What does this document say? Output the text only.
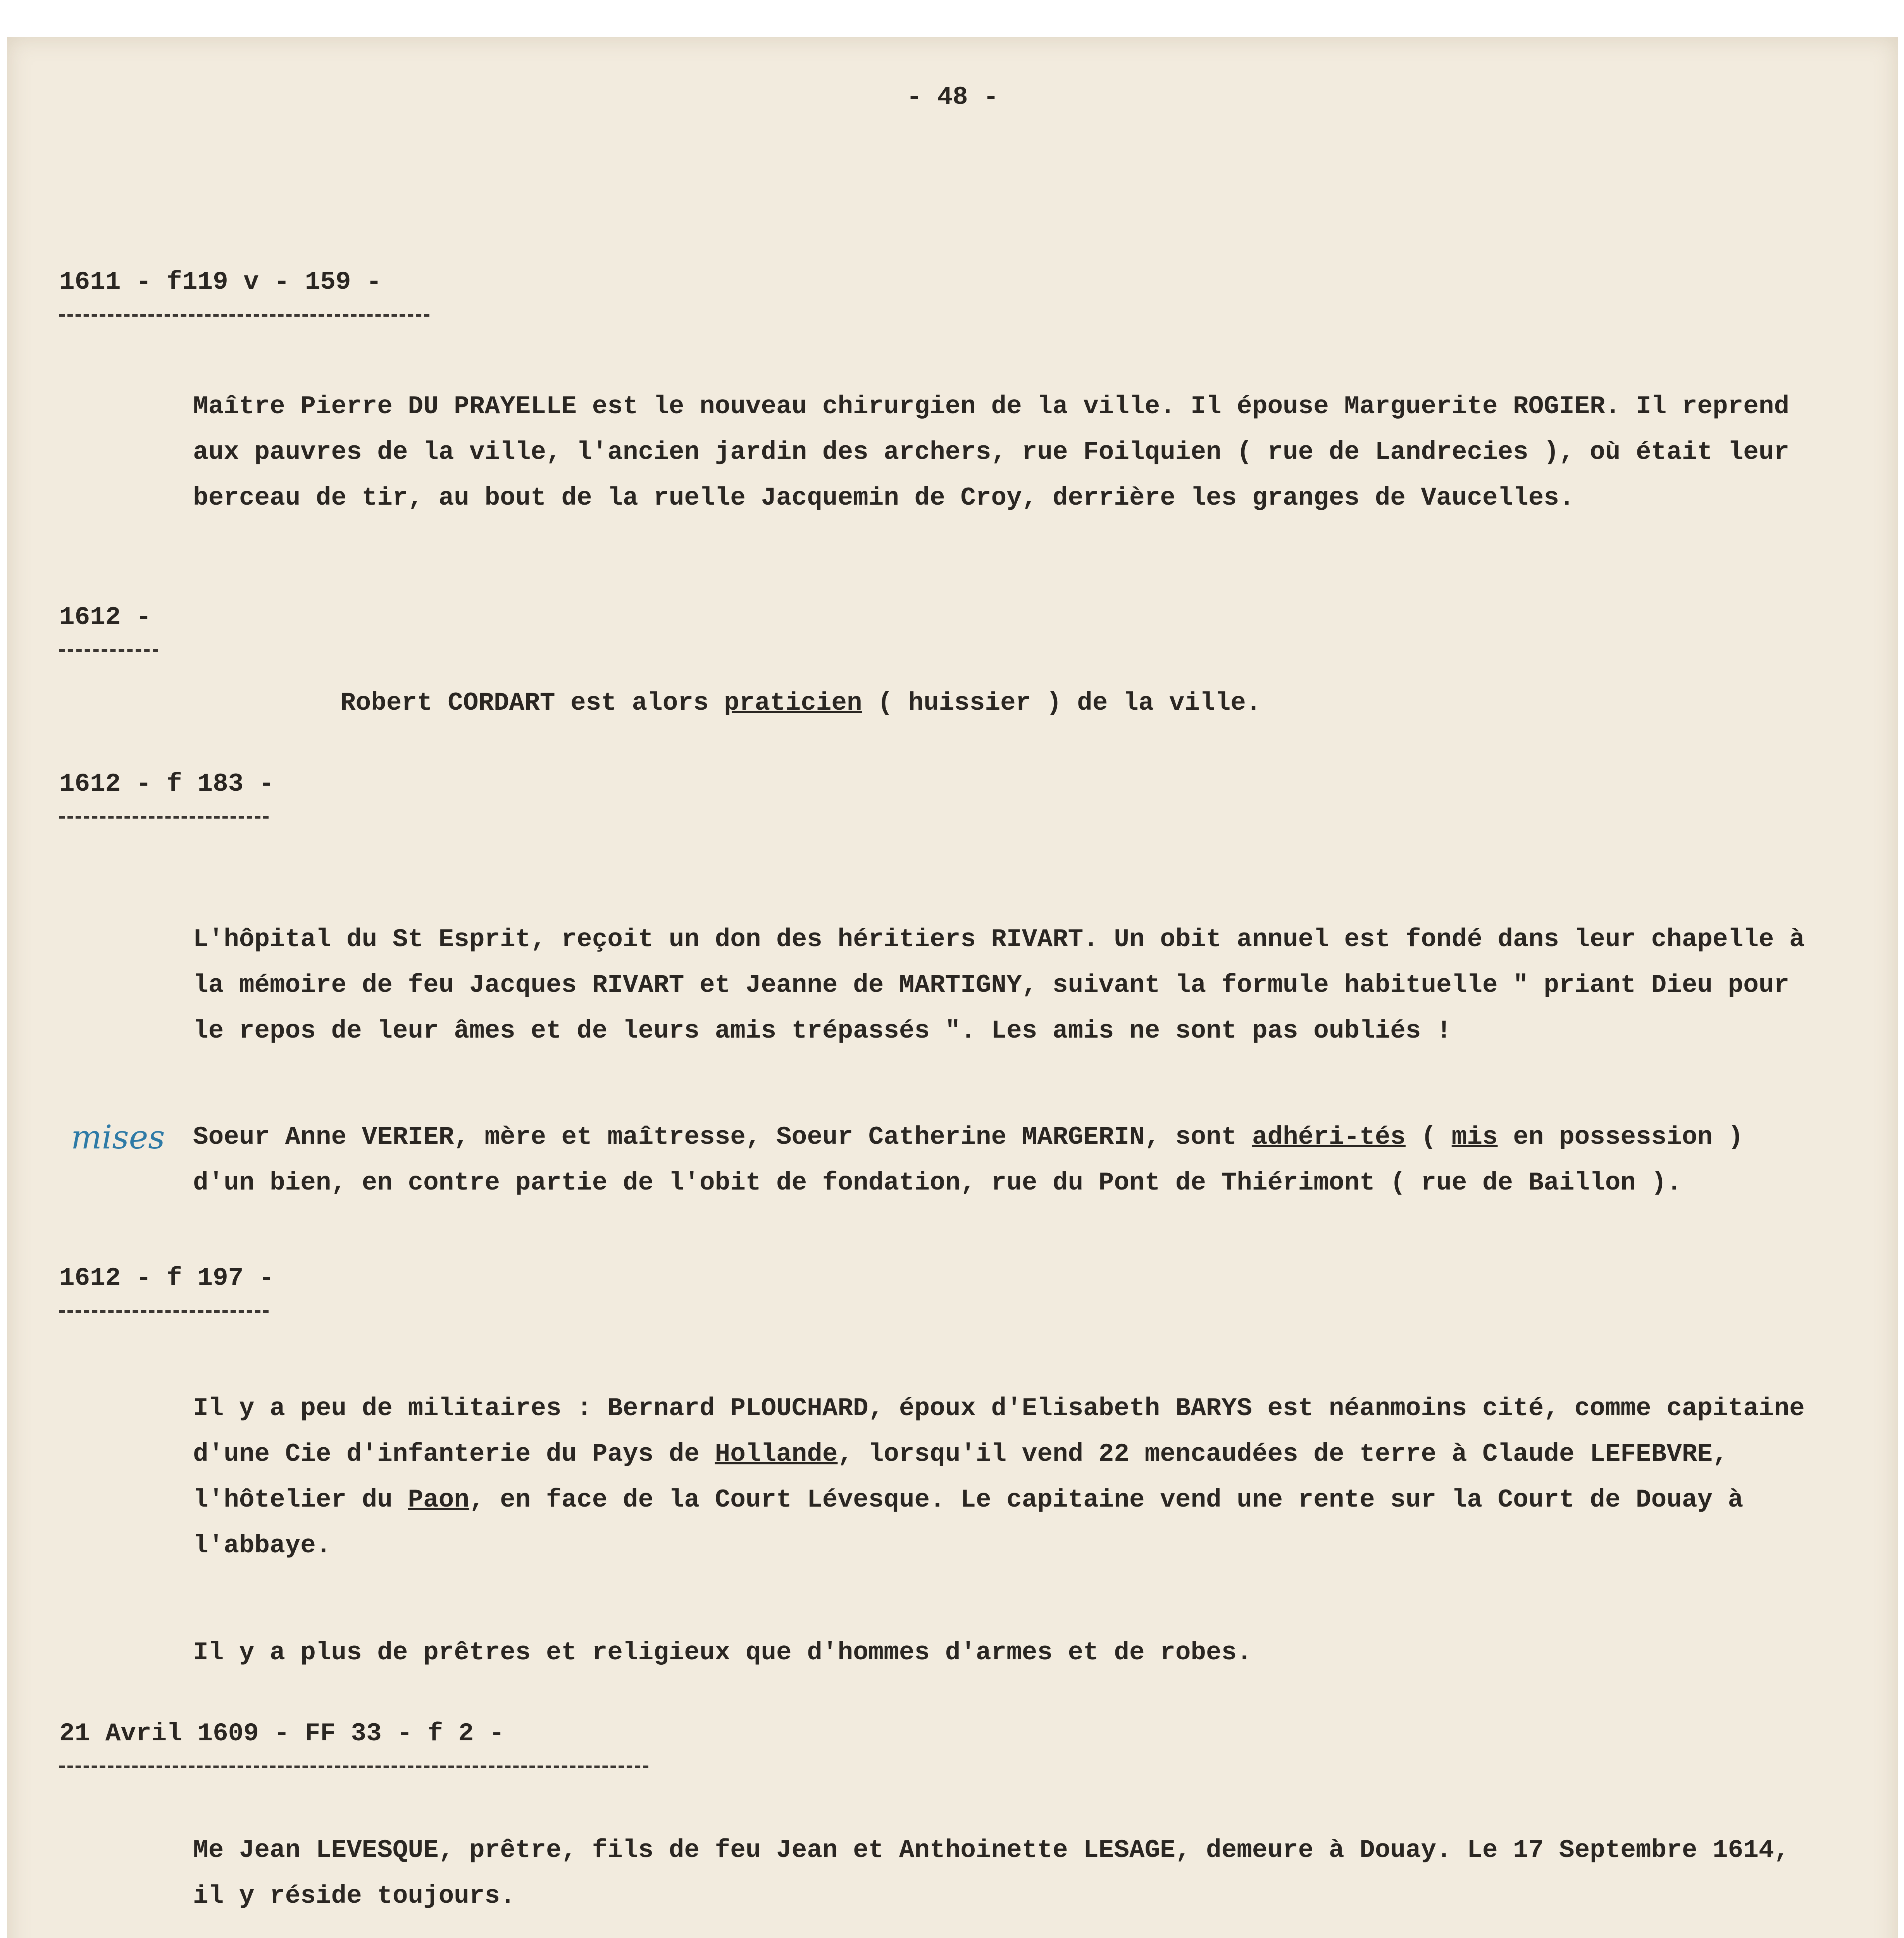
- 48 -
1611 - f119 v - 159 -
Maître Pierre DU PRAYELLE est le nouveau chirurgien de la ville. Il épouse Marguerite ROGIER. Il reprend aux pauvres de la ville, l'ancien jardin des archers, rue Foilquien ( rue de Landrecies ), où était leur berceau de tir, au bout de la ruelle Jacquemin de Croy, derrière les granges de Vaucelles.
1612 -
Robert CORDART est alors praticien ( huissier ) de la ville.
1612 - f 183 -
L'hôpital du St Esprit, reçoit un don des héritiers RIVART. Un obit annuel est fondé dans leur chapelle à la mémoire de feu Jacques RIVART et Jeanne de MARTIGNY, suivant la formule habituelle " priant Dieu pour le repos de leur âmes et de leurs amis trépassés ". Les amis ne sont pas oubliés !
Soeur Anne VERIER, mère et maîtresse, Soeur Catherine MARGERIN, sont adhéri-tés ( mis en possession ) d'un bien, en contre partie de l'obit de fondation, rue du Pont de Thiérimont ( rue de Baillon ).
1612 - f 197 -
Il y a peu de militaires : Bernard PLOUCHARD, époux d'Elisabeth BARYS est néanmoins cité, comme capitaine d'une Cie d'infanterie du Pays de Hollande, lorsqu'il vend 22 mencaudées de terre à Claude LEFEBVRE, l'hôtelier du Paon, en face de la Court Lévesque. Le capitaine vend une rente sur la Court de Douay à l'abbaye.
Il y a plus de prêtres et religieux que d'hommes d'armes et de robes.
21 Avril 1609 - FF 33 - f 2 -
Me Jean LEVESQUE, prêtre, fils de feu Jean et Anthoinette LESAGE, demeure à Douay. Le 17 Septembre 1614, il y réside toujours.
mises
